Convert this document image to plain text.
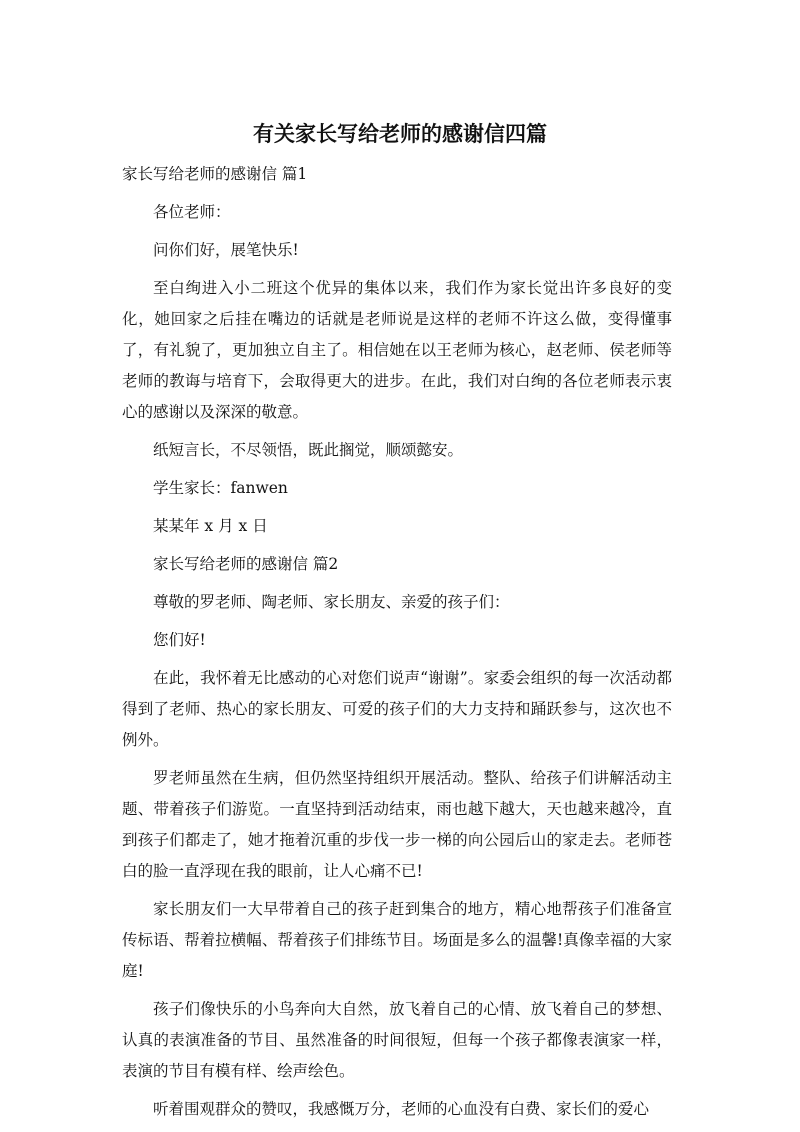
有关家长写给老师的感谢信四篇

家长写给老师的感谢信 篇1

各位老师：

问你们好，展笔快乐!

至白绚进入小二班这个优异的集体以来，我们作为家长觉出许多良好的变化，她回家之后挂在嘴边的话就是老师说是这样的老师不许这么做，变得懂事了，有礼貌了，更加独立自主了。相信她在以王老师为核心，赵老师、侯老师等老师的教诲与培育下，会取得更大的进步。在此，我们对白绚的各位老师表示衷心的感谢以及深深的敬意。

纸短言长，不尽领悟，既此搁觉，顺颂懿安。

学生家长：fanwen

某某年 x 月 x 日

家长写给老师的感谢信 篇2

尊敬的罗老师、陶老师、家长朋友、亲爱的孩子们：

您们好!

在此，我怀着无比感动的心对您们说声“谢谢”。家委会组织的每一次活动都得到了老师、热心的家长朋友、可爱的孩子们的大力支持和踊跃参与，这次也不例外。

罗老师虽然在生病，但仍然坚持组织开展活动。整队、给孩子们讲解活动主题、带着孩子们游览。一直坚持到活动结束，雨也越下越大，天也越来越冷，直到孩子们都走了，她才拖着沉重的步伐一步一梯的向公园后山的家走去。老师苍白的脸一直浮现在我的眼前，让人心痛不已!

家长朋友们一大早带着自己的孩子赶到集合的地方，精心地帮孩子们准备宣传标语、帮着拉横幅、帮着孩子们排练节目。场面是多么的温馨!真像幸福的大家庭!

孩子们像快乐的小鸟奔向大自然，放飞着自己的心情、放飞着自己的梦想、认真的表演准备的节目、虽然准备的时间很短，但每一个孩子都像表演家一样，表演的节目有模有样、绘声绘色。

听着围观群众的赞叹，我感慨万分，老师的心血没有白费、家长们的爱心
